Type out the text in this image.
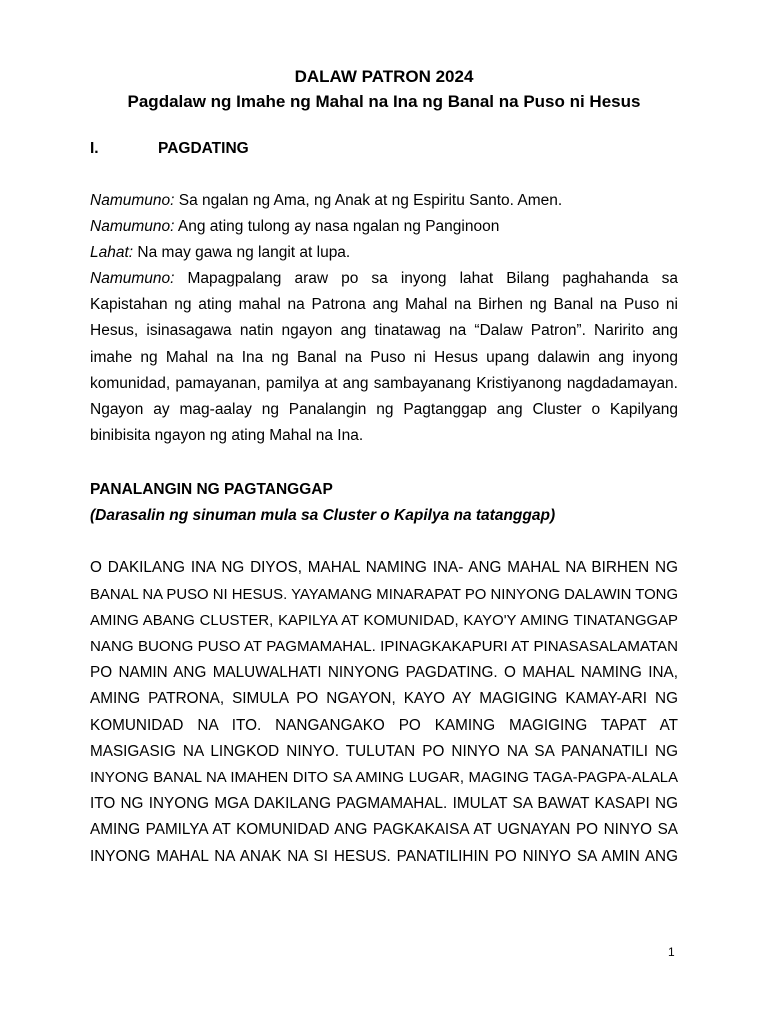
DALAW PATRON 2024

Pagdalaw ng Imahe ng Mahal na Ina ng Banal na Puso ni Hesus

I.	PAGDATING

Namumuno: Sa ngalan ng Ama, ng Anak at ng Espiritu Santo. Amen.

Namumuno: Ang ating tulong ay nasa ngalan ng Panginoon

Lahat: Na may gawa ng langit at lupa.

Namumuno: Mapagpalang araw po sa inyong lahat Bilang paghahanda sa Kapistahan ng ating mahal na Patrona ang Mahal na Birhen ng Banal na Puso ni Hesus, isinasagawa natin ngayon ang tinatawag na “Dalaw Patron”. Naririto ang imahe ng Mahal na Ina ng Banal na Puso ni Hesus upang dalawin ang inyong komunidad, pamayanan, pamilya at ang sambayanang Kristiyanong nagdadamayan. Ngayon ay mag-aalay ng Panalangin ng Pagtanggap ang Cluster o Kapilyang binibisita ngayon ng ating Mahal na Ina.

PANALANGIN NG PAGTANGGAP

(Darasalin ng sinuman mula sa Cluster o Kapilya na tatanggap)

O DAKILANG INA NG DIYOS, MAHAL NAMING INA- ANG MAHAL NA BIRHEN NG

BANAL NA PUSO NI HESUS. YAYAMANG MINARAPAT PO NINYONG DALAWIN TONG

AMING ABANG CLUSTER, KAPILYA AT KOMUNIDAD, KAYO'Y AMING TINATANGGAP

NANG BUONG PUSO AT PAGMAMAHAL. IPINAGKAKAPURI AT PINASASALAMATAN

PO NAMIN ANG MALUWALHATI NINYONG PAGDATING. O MAHAL NAMING INA,

AMING PATRONA, SIMULA PO NGAYON, KAYO AY MAGIGING KAMAY-ARI NG

KOMUNIDAD NA ITO. NANGANGAKO PO KAMING MAGIGING TAPAT AT

MASIGASIG NA LINGKOD NINYO. TULUTAN PO NINYO NA SA PANANATILI NG

INYONG BANAL NA IMAHEN DITO SA AMING LUGAR, MAGING TAGA-PAGPA-ALALA

ITO NG INYONG MGA DAKILANG PAGMAMAHAL. IMULAT SA BAWAT KASAPI NG

AMING PAMILYA AT KOMUNIDAD ANG PAGKAKAISA AT UGNAYAN PO NINYO SA

INYONG MAHAL NA ANAK NA SI HESUS. PANATILIHIN PO NINYO SA AMIN ANG

1
